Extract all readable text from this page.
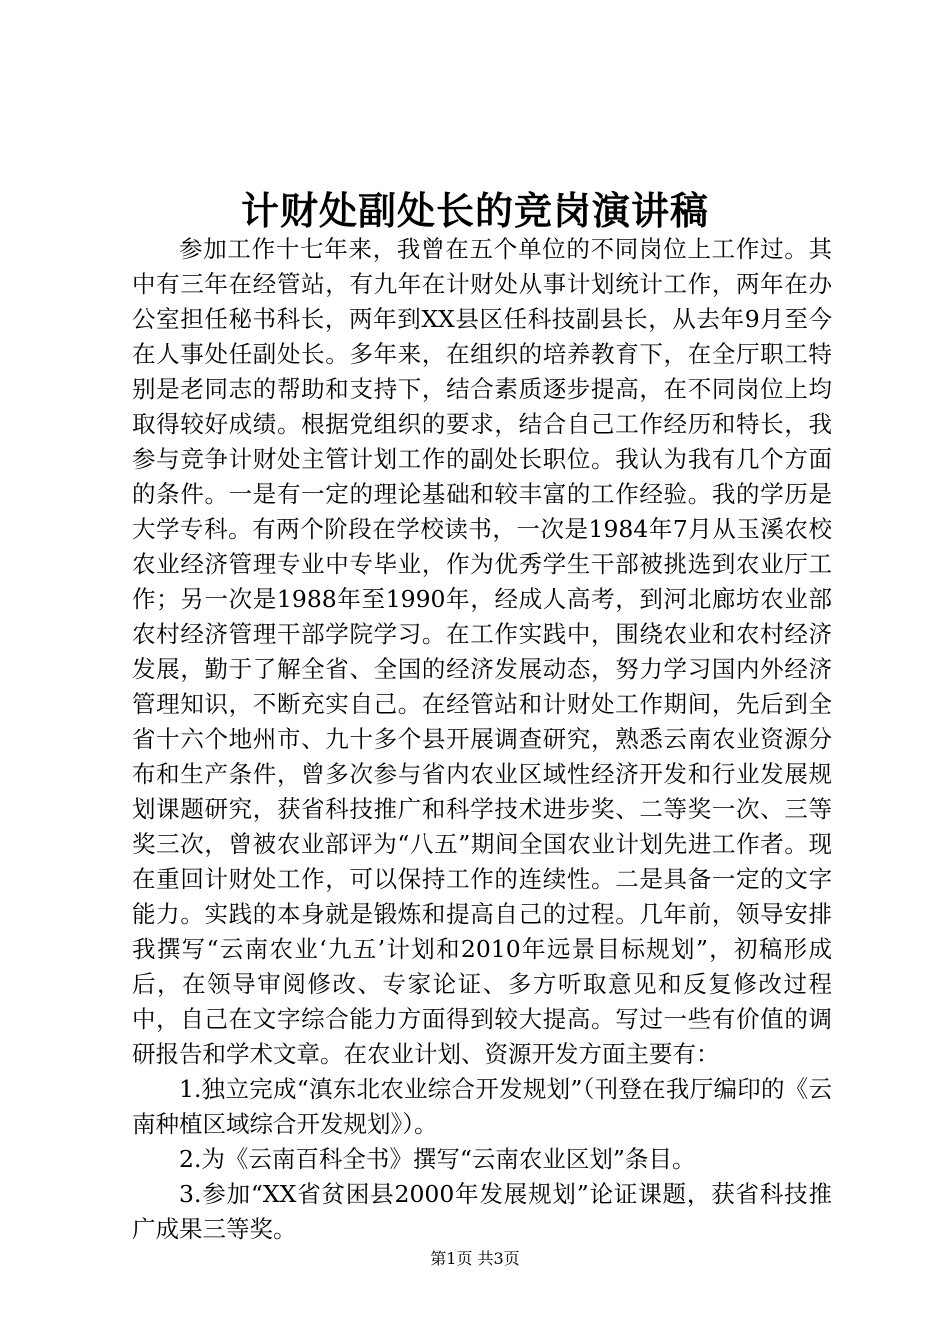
计财处副处长的竞岗演讲稿

参加工作十七年来，我曾在五个单位的不同岗位上工作过。其中有三年在经管站，有九年在计财处从事计划统计工作，两年在办公室担任秘书科长，两年到XX县区任科技副县长，从去年9月至今在人事处任副处长。多年来，在组织的培养教育下，在全厅职工特别是老同志的帮助和支持下，结合素质逐步提高，在不同岗位上均取得较好成绩。根据党组织的要求，结合自己工作经历和特长，我参与竞争计财处主管计划工作的副处长职位。我认为我有几个方面的条件。一是有一定的理论基础和较丰富的工作经验。我的学历是大学专科。有两个阶段在学校读书，一次是1984年7月从玉溪农校农业经济管理专业中专毕业，作为优秀学生干部被挑选到农业厅工作；另一次是1988年至1990年，经成人高考，到河北廊坊农业部农村经济管理干部学院学习。在工作实践中，围绕农业和农村经济发展，勤于了解全省、全国的经济发展动态，努力学习国内外经济管理知识，不断充实自己。在经管站和计财处工作期间，先后到全省十六个地州市、九十多个县开展调查研究，熟悉云南农业资源分布和生产条件，曾多次参与省内农业区域性经济开发和行业发展规划课题研究，获省科技推广和科学技术进步奖、二等奖一次、三等奖三次，曾被农业部评为“八五”期间全国农业计划先进工作者。现在重回计财处工作，可以保持工作的连续性。二是具备一定的文字能力。实践的本身就是锻炼和提高自己的过程。几年前，领导安排我撰写“云南农业‘九五’计划和2010年远景目标规划”，初稿形成后，在领导审阅修改、专家论证、多方听取意见和反复修改过程中，自己在文字综合能力方面得到较大提高。写过一些有价值的调研报告和学术文章。在农业计划、资源开发方面主要有：

1.独立完成“滇东北农业综合开发规划”（刊登在我厅编印的《云南种植区域综合开发规划》）。

2.为《云南百科全书》撰写“云南农业区划”条目。

3.参加“XX省贫困县2000年发展规划”论证课题，获省科技推广成果三等奖。

第1页 共3页
